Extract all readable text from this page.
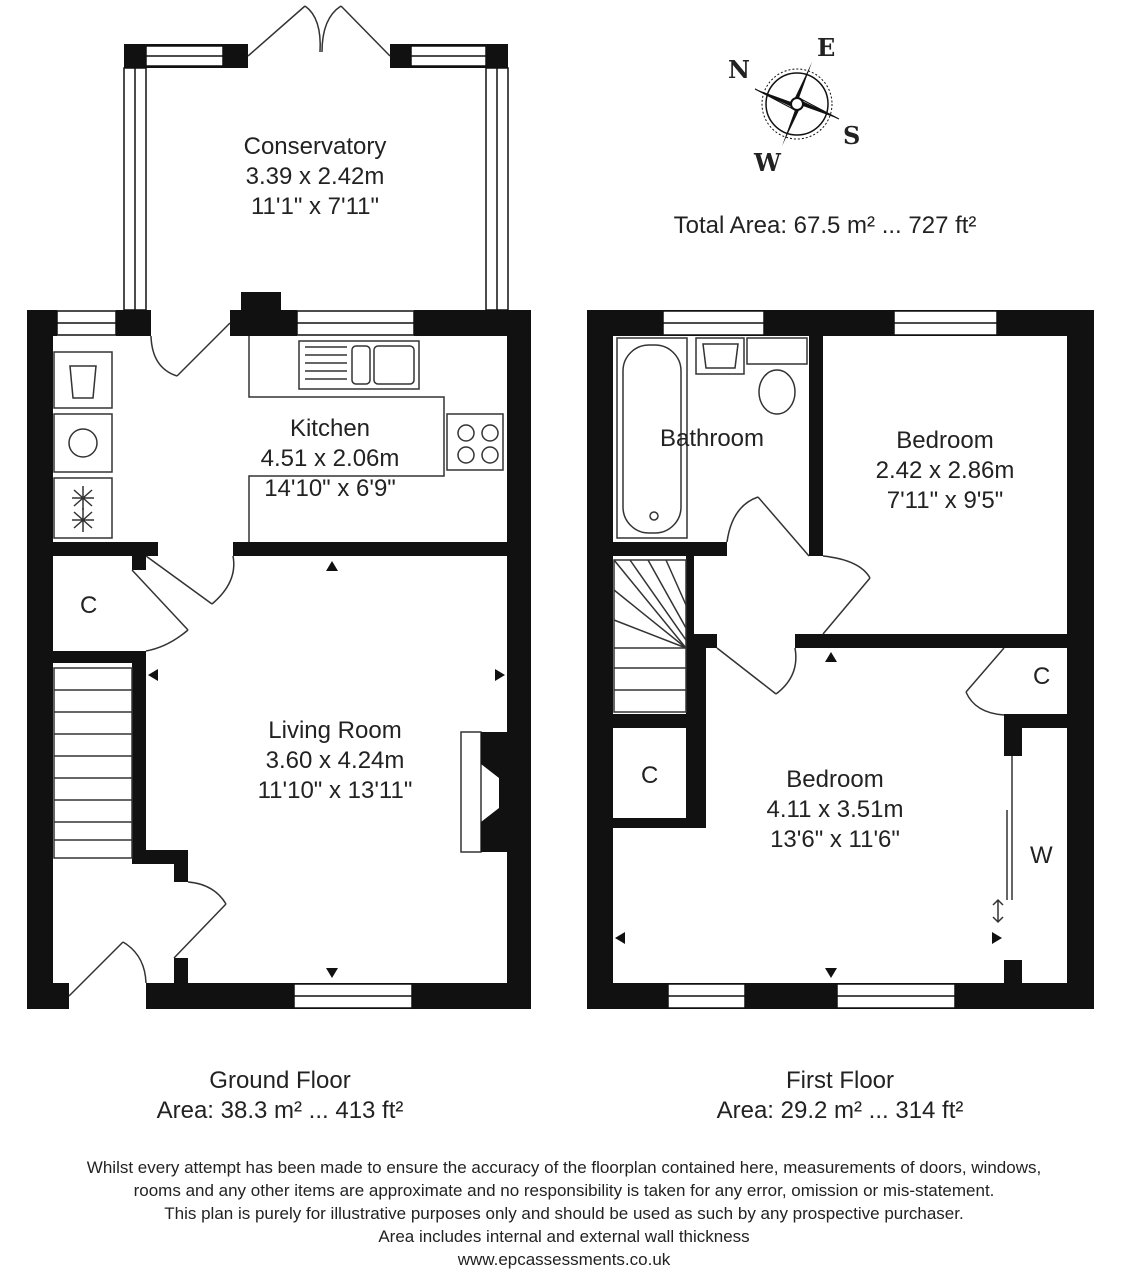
N
E
S
W
Total Area: 67.5 m² ... 727 ft²
Conservatory
3.39 x 2.42m
11'1" x 7'11"
Kitchen
4.51 x 2.06m
14'10" x 6'9"
Living Room
3.60 x 4.24m
11'10" x 13'11"
C
Bathroom	Bedroom
2.42 x 2.86m
7'11" x 9'5"
Bedroom
4.11 x 3.51m
13'6" x 11'6"
C
C
W
Ground Floor
Area: 38.3 m² ... 413 ft²
First Floor
Area: 29.2 m² ... 314 ft²
Whilst every attempt has been made to ensure the accuracy of the floorplan contained here, measurements of doors, windows,
rooms and any other items are approximate and no responsibility is taken for any error, omission or mis-statement.
This plan is purely for illustrative purposes only and should be used as such by any prospective purchaser.
Area includes internal and external wall thickness
www.epcassessments.co.uk
